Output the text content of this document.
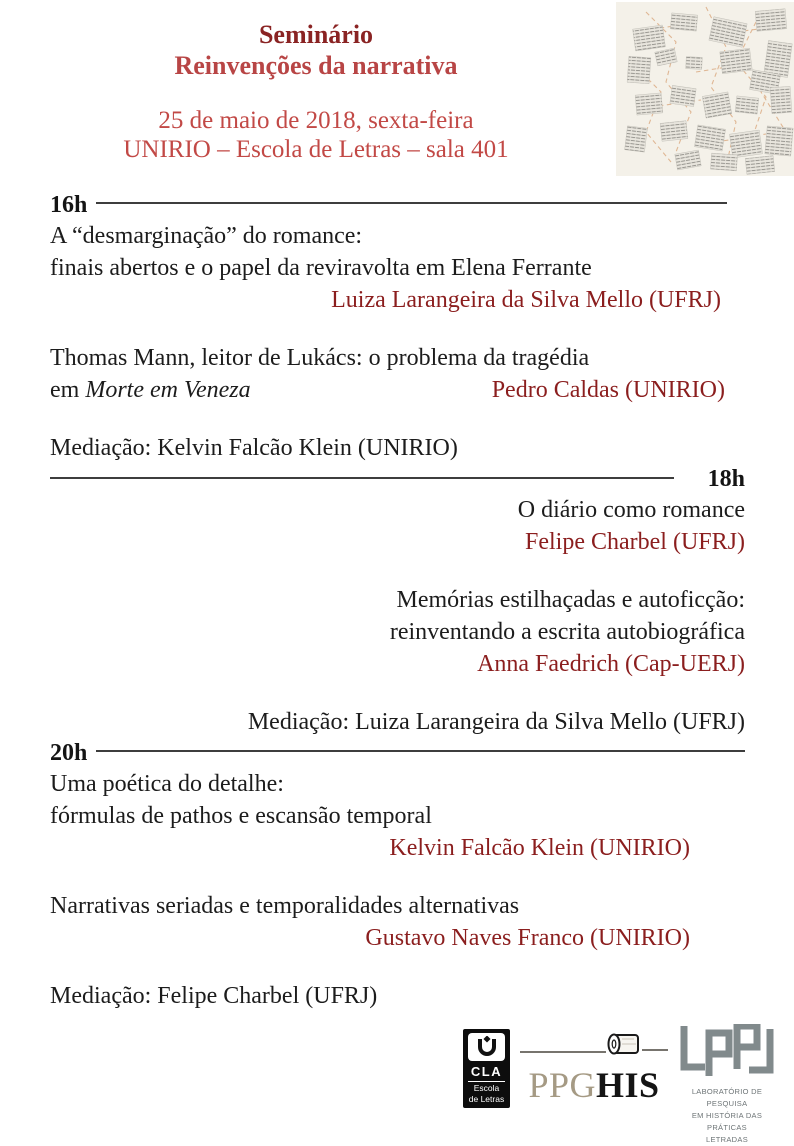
Seminário
Reinvenções da narrativa
25 de maio de 2018, sexta-feira
UNIRIO – Escola de Letras – sala 401
16h
A “desmarginação” do romance:
finais abertos e o papel da reviravolta em Elena Ferrante
Luiza Larangeira da Silva Mello (UFRJ)
Thomas Mann, leitor de Lukács: o problema da tragédia
em Morte em Veneza	Pedro Caldas (UNIRIO)
Mediação: Kelvin Falcão Klein (UNIRIO)
18h
O diário como romance
Felipe Charbel (UFRJ)
Memórias estilhaçadas e autoficção:
reinventando a escrita autobiográfica
Anna Faedrich (Cap-UERJ)
Mediação: Luiza Larangeira da Silva Mello (UFRJ)
20h
Uma poética do detalhe:
fórmulas de pathos e escansão temporal
Kelvin Falcão Klein (UNIRIO)
Narrativas seriadas e temporalidades alternativas
Gustavo Naves Franco (UNIRIO)
Mediação: Felipe Charbel (UFRJ)
CLA
Escola
de Letras PPGHIS	LABORATÓRIO DE PESQUISA
EM HISTÓRIA DAS PRÁTICAS
LETRADAS
